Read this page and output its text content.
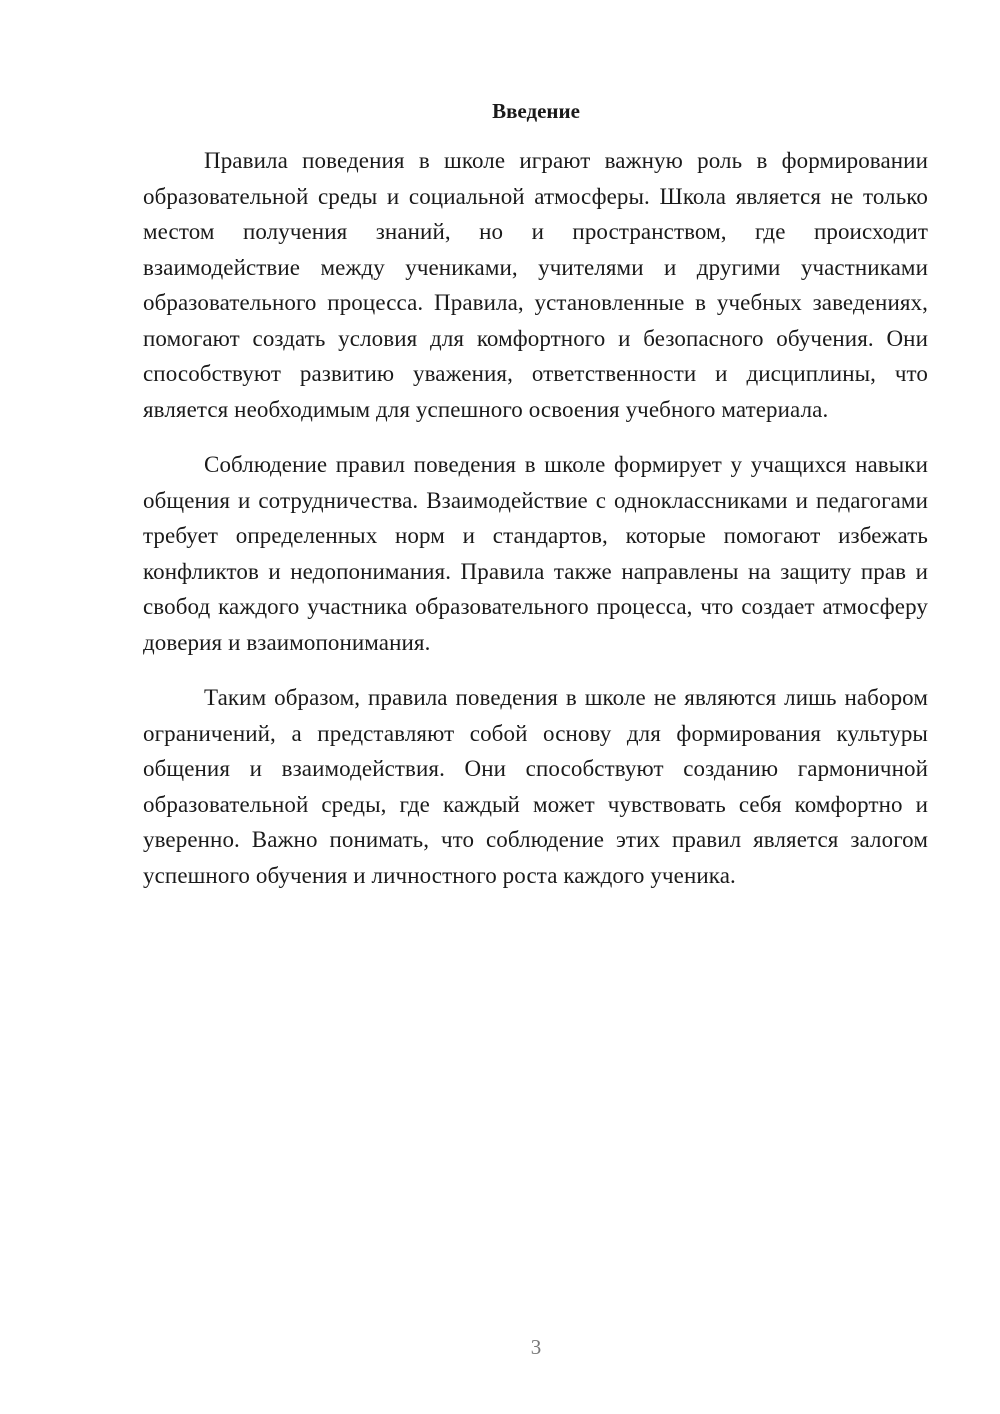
Введение

Правила поведения в школе играют важную роль в формировании образовательной среды и социальной атмосферы. Школа является не только местом получения знаний, но и пространством, где происходит взаимодействие между учениками, учителями и другими участниками образовательного процесса. Правила, установленные в учебных заведениях, помогают создать условия для комфортного и безопасного обучения. Они способствуют развитию уважения, ответственности и дисциплины, что является необходимым для успешного освоения учебного материала.

Соблюдение правил поведения в школе формирует у учащихся навыки общения и сотрудничества. Взаимодействие с одноклассниками и педагогами требует определенных норм и стандартов, которые помогают избежать конфликтов и недопонимания. Правила также направлены на защиту прав и свобод каждого участника образовательного процесса, что создает атмосферу доверия и взаимопонимания.

Таким образом, правила поведения в школе не являются лишь набором ограничений, а представляют собой основу для формирования культуры общения и взаимодействия. Они способствуют созданию гармоничной образовательной среды, где каждый может чувствовать себя комфортно и уверенно. Важно понимать, что соблюдение этих правил является залогом успешного обучения и личностного роста каждого ученика.

3
